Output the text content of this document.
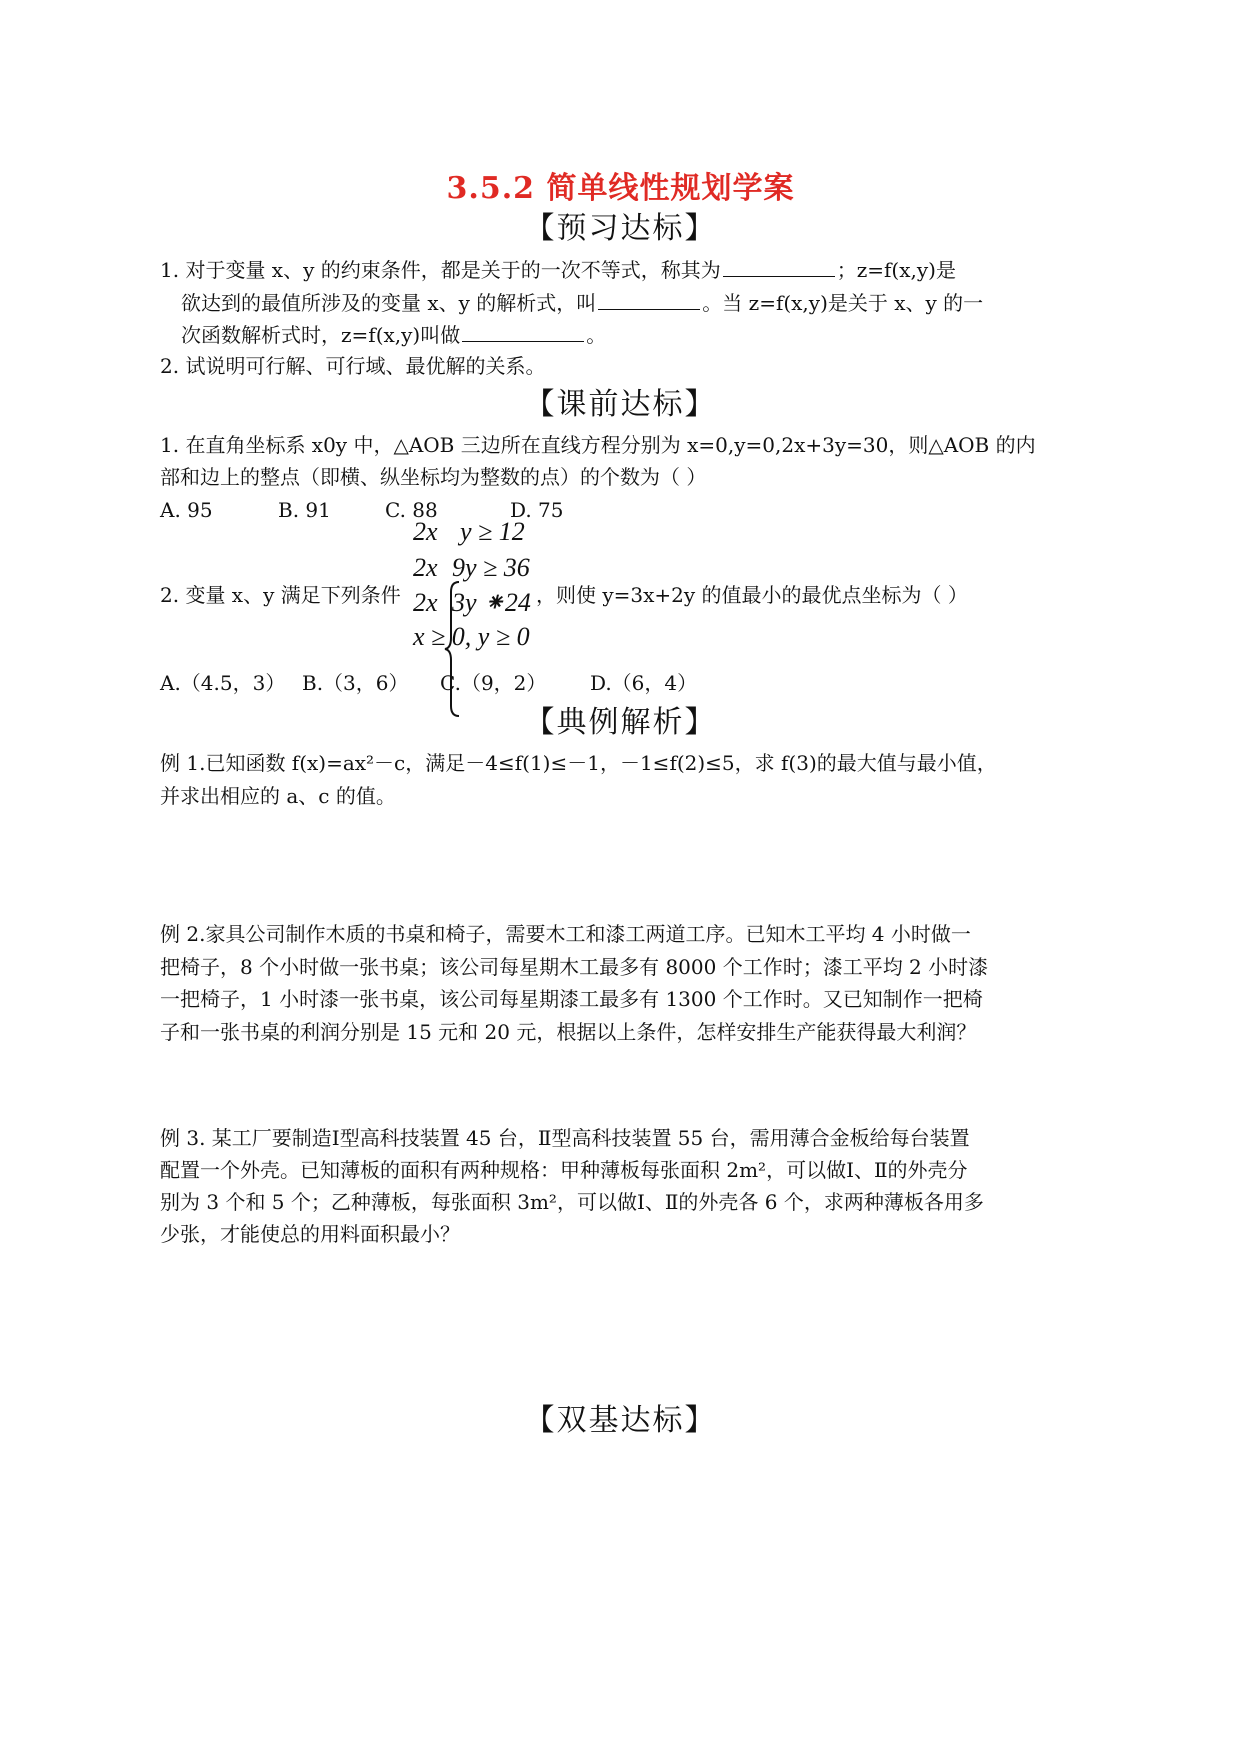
3.5.2 简单线性规划学案
【预习达标】
1. 对于变量 x、y 的约束条件，都是关于的一次不等式，称其为	；z=f(x,y)是
欲达到的最值所涉及的变量 x、y 的解析式，叫	。当 z=f(x,y)是关于 x、y 的一
次函数解析式时，z=f(x,y)叫做	。
2. 试说明可行解、可行域、最优解的关系。
【课前达标】
1. 在直角坐标系 x0y 中，△AOB 三边所在直线方程分别为 x=0,y=0,2x+3y=30，则△AOB 的内
部和边上的整点（即横、纵坐标均为整数的点）的个数为（ ）
A. 95	B. 91	C. 88	D. 75
2. 变量 x、y 满足下列条件
2x y ≥ 12
2x 9y ≥ 36
2x 3y ⁕24
x ≥ 0, y ≥ 0
，则使 y=3x+2y 的值最小的最优点坐标为（ ）
A.（4.5，3） B.（3，6） C.（9，2） D.（6，4）
【典例解析】
例 1.已知函数 f(x)=ax²－c，满足－4≤f(1)≤－1，－1≤f(2)≤5，求 f(3)的最大值与最小值，
并求出相应的 a、c 的值。
例 2.家具公司制作木质的书桌和椅子，需要木工和漆工两道工序。已知木工平均 4 小时做一
把椅子，8 个小时做一张书桌；该公司每星期木工最多有 8000 个工作时；漆工平均 2 小时漆
一把椅子，1 小时漆一张书桌，该公司每星期漆工最多有 1300 个工作时。又已知制作一把椅
子和一张书桌的利润分别是 15 元和 20 元，根据以上条件，怎样安排生产能获得最大利润？
例 3. 某工厂要制造Ⅰ型高科技装置 45 台，Ⅱ型高科技装置 55 台，需用薄合金板给每台装置
配置一个外壳。已知薄板的面积有两种规格：甲种薄板每张面积 2m²，可以做Ⅰ、Ⅱ的外壳分
别为 3 个和 5 个；乙种薄板，每张面积 3m²，可以做Ⅰ、Ⅱ的外壳各 6 个，求两种薄板各用多
少张，才能使总的用料面积最小？
【双基达标】
